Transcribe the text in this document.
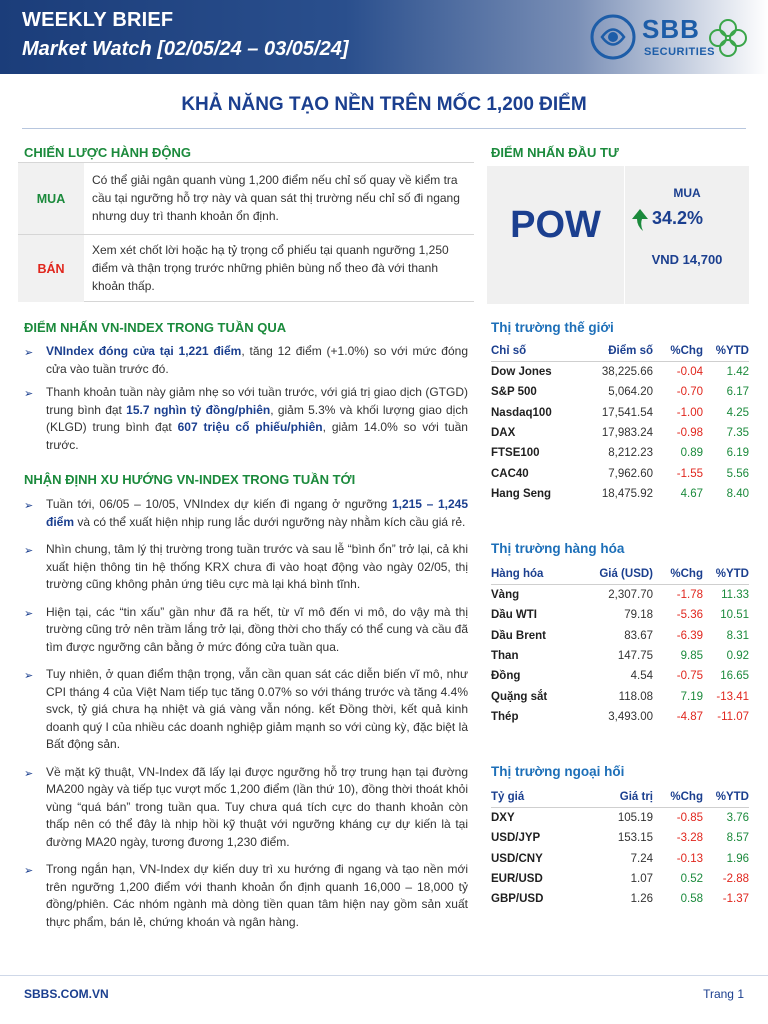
WEEKLY BRIEF
Market Watch [02/05/24 – 03/05/24]
SBB
SECURITIES
KHẢ NĂNG TẠO NỀN TRÊN MỐC 1,200 ĐIỂM
CHIẾN LƯỢC HÀNH ĐỘNG
MUA
Có thể giải ngân quanh vùng 1,200 điểm nếu chỉ số quay về kiểm tra cầu tại ngưỡng hỗ trợ này và quan sát thị trường nếu chỉ số đi ngang nhưng duy trì thanh khoản ổn định.
BÁN
Xem xét chốt lời hoặc hạ tỷ trọng cổ phiếu tại quanh ngưỡng 1,250 điểm và thận trọng trước những phiên bùng nổ theo đà với thanh khoản thấp.
ĐIỂM NHẤN ĐẦU TƯ
POW
MUA
34.2%
VND 14,700
ĐIỂM NHẤN VN-INDEX TRONG TUẦN QUA
➢ VNIndex đóng cửa tại 1,221 điểm, tăng 12 điểm (+1.0%) so với mức đóng cửa vào tuần trước đó.
➢ Thanh khoản tuần này giảm nhẹ so với tuần trước, với giá trị giao dịch (GTGD) trung bình đạt 15.7 nghìn tỷ đồng/phiên, giảm 5.3% và khối lượng giao dịch (KLGD) trung bình đạt 607 triệu cổ phiếu/phiên, giảm 14.0% so với tuần trước.
NHẬN ĐỊNH XU HƯỚNG VN-INDEX TRONG TUẦN TỚI
➢ Tuần tới, 06/05 – 10/05, VNIndex dự kiến đi ngang ở ngưỡng 1,215 – 1,245 điểm và có thể xuất hiện nhịp rung lắc dưới ngưỡng này nhằm kích cầu giá rẻ.
➢ Nhìn chung, tâm lý thị trường trong tuần trước và sau lễ “bình ổn” trở lại, cả khi xuất hiện thông tin hệ thống KRX chưa đi vào hoạt động vào ngày 02/05, thị trường cũng không phản ứng tiêu cực mà lại khá bình tĩnh.
➢ Hiện tại, các “tin xấu” gần như đã ra hết, từ vĩ mô đến vi mô, do vậy mà thị trường cũng trở nên trầm lắng trở lại, đồng thời cho thấy có thể cung và cầu đã tìm được ngưỡng cân bằng ở mức đóng cửa tuần qua.
➢ Tuy nhiên, ở quan điểm thận trọng, vẫn cần quan sát các diễn biến vĩ mô, như CPI tháng 4 của Việt Nam tiếp tục tăng 0.07% so với tháng trước và tăng 4.4% svck, tỷ giá chưa hạ nhiệt và giá vàng vẫn nóng. kết Đồng thời, kết quả kinh doanh quý I của nhiều các doanh nghiệp giảm mạnh so với cùng kỳ, đặc biệt là Bất động sản.
➢ Về mặt kỹ thuật, VN-Index đã lấy lại được ngưỡng hỗ trợ trung hạn tại đường MA200 ngày và tiếp tục vượt mốc 1,200 điểm (lần thứ 10), đồng thời thoát khỏi vùng “quá bán” trong tuần qua. Tuy chưa quá tích cực do thanh khoản còn thấp nên có thể đây là nhịp hồi kỹ thuật với ngưỡng kháng cự dự kiến là tại đường MA20 ngày, tương đương 1,230 điểm.
➢ Trong ngắn hạn, VN-Index dự kiến duy trì xu hướng đi ngang và tạo nền mới trên ngưỡng 1,200 điểm với thanh khoản ổn định quanh 16,000 – 18,000 tỷ đồng/phiên. Các nhóm ngành mà dòng tiền quan tâm hiện nay gồm sản xuất thực phẩm, bán lẻ, chứng khoán và ngân hàng.
Thị trường thế giới
Chỉ số	Điểm số	%Chg	%YTD
Dow Jones	38,225.66	-0.04	1.42
S&P 500	5,064.20	-0.70	6.17
Nasdaq100	17,541.54	-1.00	4.25
DAX	17,983.24	-0.98	7.35
FTSE100	8,212.23	0.89	6.19
CAC40	7,962.60	-1.55	5.56
Hang Seng	18,475.92	4.67	8.40
Thị trường hàng hóa
Hàng hóa	Giá (USD)	%Chg	%YTD
Vàng	2,307.70	-1.78	11.33
Dầu WTI	79.18	-5.36	10.51
Dầu Brent	83.67	-6.39	8.31
Than	147.75	9.85	0.92
Đồng	4.54	-0.75	16.65
Quặng sắt	118.08	7.19	-13.41
Thép	3,493.00	-4.87	-11.07
Thị trường ngoại hối
Tỷ giá	Giá trị	%Chg	%YTD
DXY	105.19	-0.85	3.76
USD/JYP	153.15	-3.28	8.57
USD/CNY	7.24	-0.13	1.96
EUR/USD	1.07	0.52	-2.88
GBP/USD	1.26	0.58	-1.37
SBBS.COM.VN	Trang 1
